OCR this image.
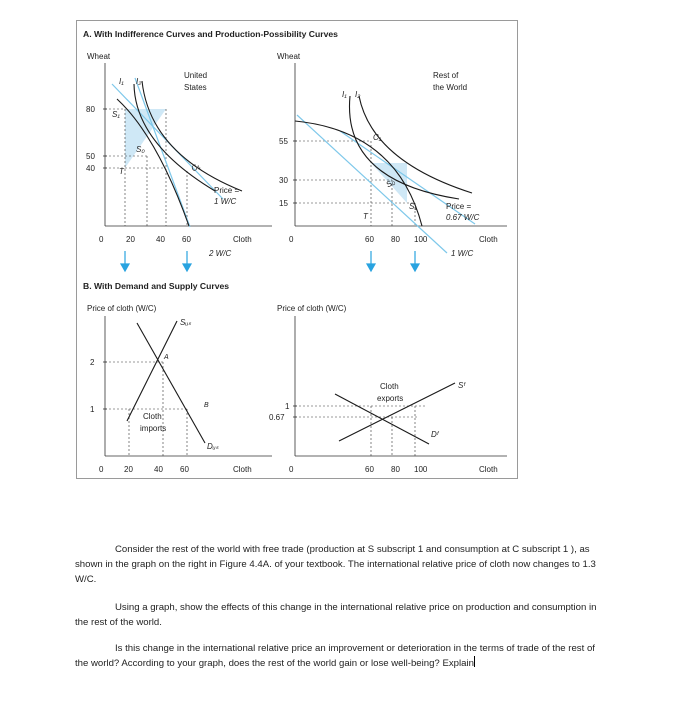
A. With Indifference Curves and Production-Possibility Curves
Wheat
80
50
40
0	20	40 60	Cloth
I₁ I₂
S₁
S₀
C₁
T
United
States
Price =
1 W/C
2 W/C
Wheat
55
30
15
0	60 80 100	Cloth
I₁ I₂
C₁
S₀
S₁
T
Rest of
the World
Price =
0.67 W/C
1 W/C
B. With Demand and Supply Curves
Price of cloth (W/C)
2
1
0	20	40 60	Cloth
Sᵤₛ
Dᵤₛ
A
B
Cloth
imports
Price of cloth (W/C)
1
0.67
0	60 80 100	Cloth
Sᶠ
Dᶠ
Cloth
exports
Consider the rest of the world with free trade (production at S subscript 1 and consumption at C subscript 1 ), as shown in the graph on the right in Figure 4.4A. of your textbook. The international relative price of cloth now changes to 1.3 W/C.
Using a graph, show the effects of this change in the international relative price on production and consumption in the rest of the world.
Is this change in the international relative price an improvement or deterioration in the terms of trade of the rest of the world? According to your graph, does the rest of the world gain or lose well-being? Explain
